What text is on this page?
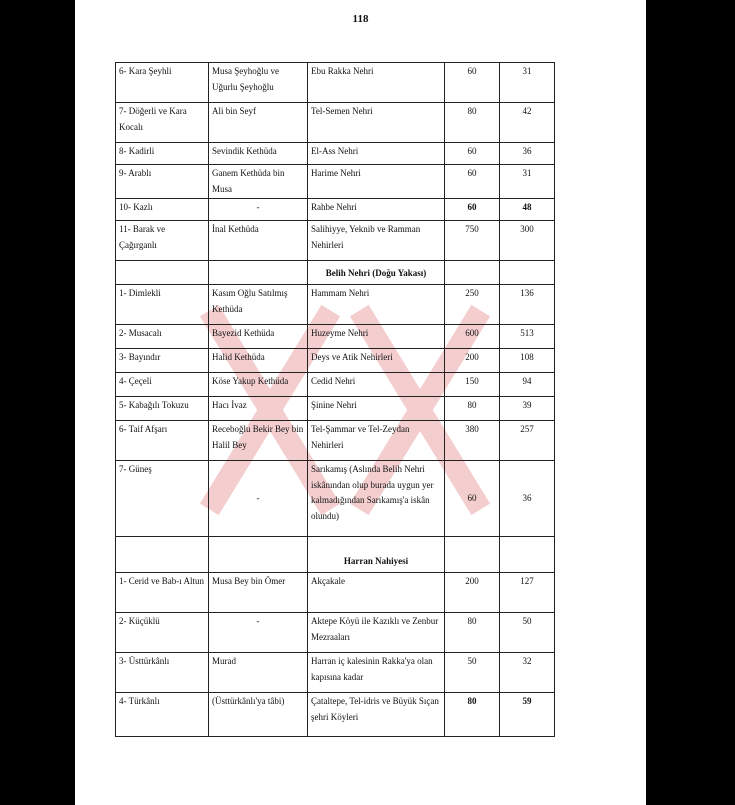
118
6- Kara Şeyhli	Musa Şeyhoğlu ve Uğurlu Şeyhoğlu	Ebu Rakka Nehri	60	31
7- Döğerli ve Kara Kocalı	Ali bin Seyf	Tel-Semen Nehri	80	42
8- Kadirli	Sevindik Kethüda	El-Ass Nehri	60	36
9- Arablı	Ganem Kethüda bin Musa	Harime Nehri	60	31
10- Kazlı	-	Rahbe Nehri	60	48
11- Barak ve Çağırganlı	İnal Kethüda	Salihiyye, Yeknib ve Ramman Nehirleri	750	300
		Belih Nehri (Doğu Yakası)		
1- Dimlekli	Kasım Oğlu Satılmış Kethüda	Hammam Nehri	250	136
2- Musacalı	Bayezid Kethüda	Huzeyme Nehri	600	513
3- Bayındır	Halid Kethüda	Deys ve Atik Nehirleri	200	108
4- Çeçeli	Köse Yakup Kethüda	Cedid Nehri	150	94
5- Kabağılı Tokuzu	Hacı İvaz	Şinine Nehri	80	39
6- Taif Afşarı	Receboğlu Bekir Bey bin Halil Bey	Tel-Şammar ve Tel-Zeydan Nehirleri	380	257
7- Güneş	-	Sarıkamış (Aslında Belih Nehri iskânından olup burada uygun yer kalmadığından Sarıkamış'a iskân olundu)	60	36
		Harran Nahiyesi		
1- Cerid ve Bab-ı Altun	Musa Bey bin Ömer	Akçakale	200	127
2- Küçüklü	-	Aktepe Köyü ile Kazıklı ve Zenbur Mezraaları	80	50
3- Üsttürkânlı	Murad	Harran iç kalesinin Rakka'ya olan kapısına kadar	50	32
4- Türkânlı	(Üsttürkânlı'ya tâbi)	Çataltepe, Tel-idris ve Büyük Sıçan şehri Köyleri	80	59
